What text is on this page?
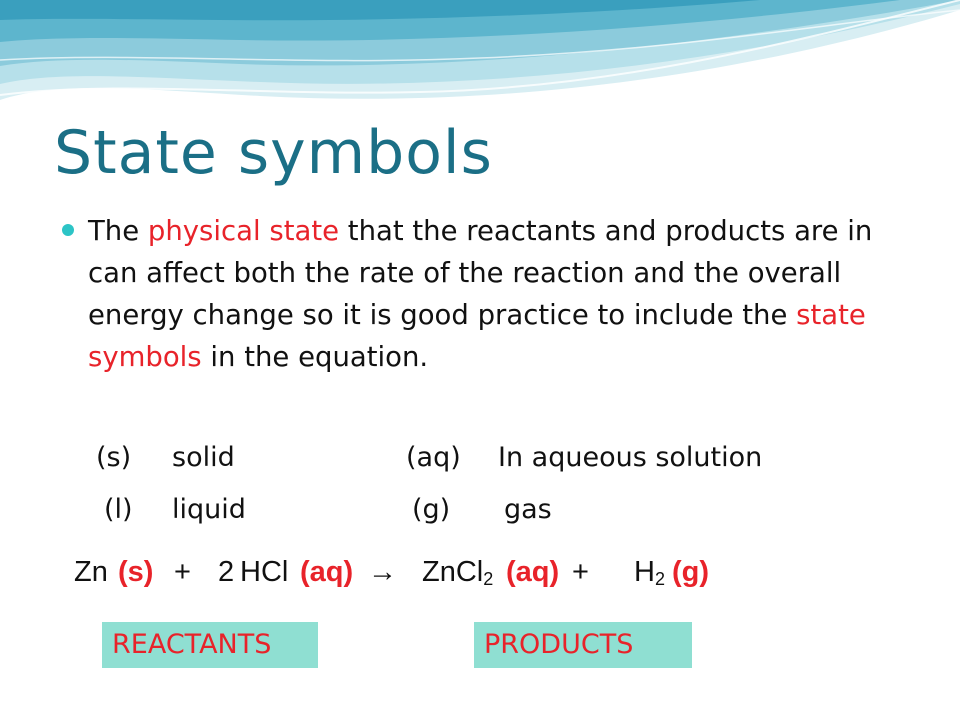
State symbols
The physical state that the reactants and products are in can affect both the rate of the reaction and the overall energy change so it is good practice to include the state symbols in the equation.
(s) solid	(aq) In aqueous solution
(l) liquid	(g) gas
Zn (s) + 2 HCl (aq) → ZnCl$_2$ $(aq) + H_2$ (g)
REACTANTS	PRODUCTS
